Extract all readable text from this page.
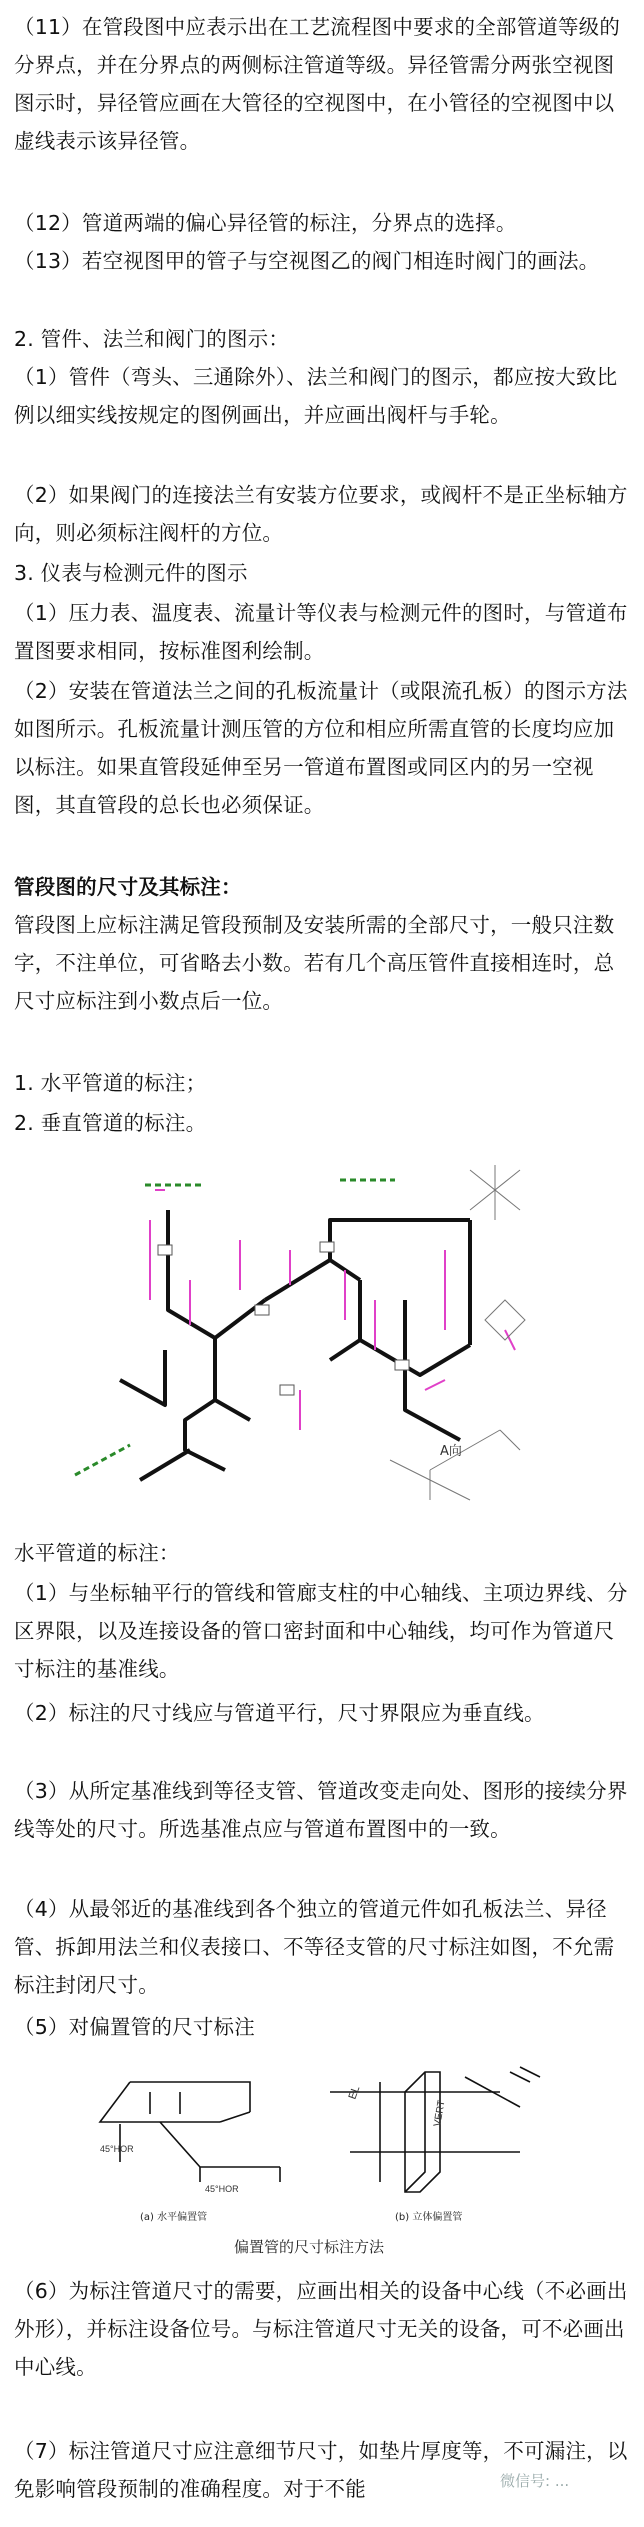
（11）在管段图中应表示出在工艺流程图中要求的全部管道等级的分界点，并在分界点的两侧标注管道等级。异径管需分两张空视图图示时，异径管应画在大管径的空视图中，在小管径的空视图中以虚线表示该异径管。
（12）管道两端的偏心异径管的标注，分界点的选择。
（13）若空视图甲的管子与空视图乙的阀门相连时阀门的画法。
2. 管件、法兰和阀门的图示：
（1）管件（弯头、三通除外）、法兰和阀门的图示，都应按大致比例以细实线按规定的图例画出，并应画出阀杆与手轮。
（2）如果阀门的连接法兰有安装方位要求，或阀杆不是正坐标轴方向，则必须标注阀杆的方位。
3. 仪表与检测元件的图示
（1）压力表、温度表、流量计等仪表与检测元件的图时，与管道布置图要求相同，按标准图利绘制。
（2）安装在管道法兰之间的孔板流量计（或限流孔板）的图示方法如图所示。孔板流量计测压管的方位和相应所需直管的长度均应加以标注。如果直管段延伸至另一管道布置图或同区内的另一空视图，其直管段的总长也必须保证。
管段图的尺寸及其标注：
管段图上应标注满足管段预制及安装所需的全部尺寸，一般只注数字，不注单位，可省略去小数。若有几个高压管件直接相连时，总尺寸应标注到小数点后一位。
1. 水平管道的标注；
2. 垂直管道的标注。
A向
水平管道的标注：
（1）与坐标轴平行的管线和管廊支柱的中心轴线、主项边界线、分区界限，以及连接设备的管口密封面和中心轴线，均可作为管道尺寸标注的基准线。
（2）标注的尺寸线应与管道平行，尺寸界限应为垂直线。
（3）从所定基准线到等径支管、管道改变走向处、图形的接续分界线等处的尺寸。所选基准点应与管道布置图中的一致。
（4）从最邻近的基准线到各个独立的管道元件如孔板法兰、异径管、拆卸用法兰和仪表接口、不等径支管的尺寸标注如图，不允需标注封闭尺寸。
（5）对偏置管的尺寸标注
45°HOR
45°HOR
VERT
EL
(a) 水平偏置管	(b) 立体偏置管
偏置管的尺寸标注方法
（6）为标注管道尺寸的需要，应画出相关的设备中心线（不必画出外形），并标注设备位号。与标注管道尺寸无关的设备，可不必画出中心线。
（7）标注管道尺寸应注意细节尺寸，如垫片厚度等，不可漏注，以免影响管段预制的准确程度。对于不能	微信号: ...
